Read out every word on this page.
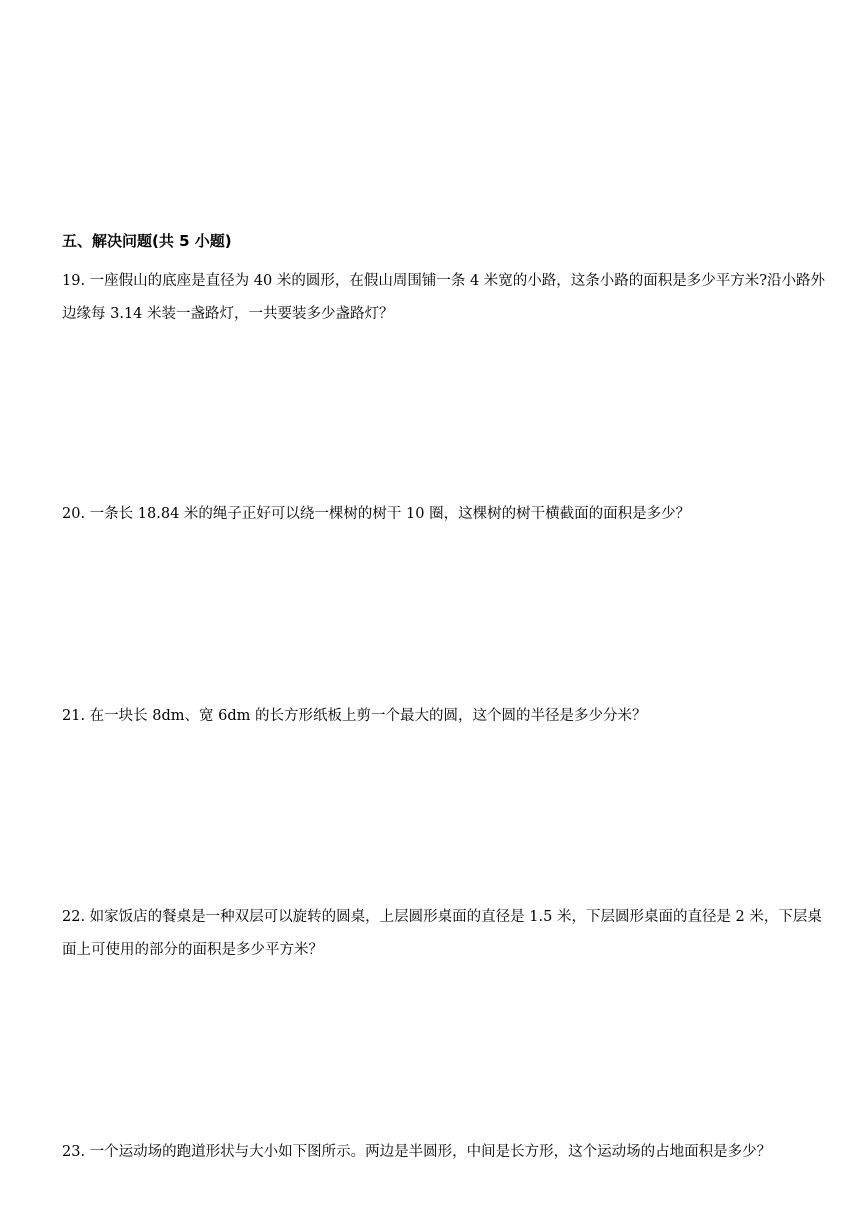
五、解决问题(共 5 小题)
19. 一座假山的底座是直径为 40 米的圆形，在假山周围铺一条 4 米宽的小路，这条小路的面积是多少平方米?沿小路外边缘每 3.14 米装一盏路灯，一共要装多少盏路灯？
20. 一条长 18.84 米的绳子正好可以绕一棵树的树干 10 圈，这棵树的树干横截面的面积是多少？
21. 在一块长 8dm、宽 6dm 的长方形纸板上剪一个最大的圆，这个圆的半径是多少分米？
22. 如家饭店的餐桌是一种双层可以旋转的圆桌，上层圆形桌面的直径是 1.5 米，下层圆形桌面的直径是 2 米，下层桌面上可使用的部分的面积是多少平方米？
23. 一个运动场的跑道形状与大小如下图所示。两边是半圆形，中间是长方形，这个运动场的占地面积是多少？
